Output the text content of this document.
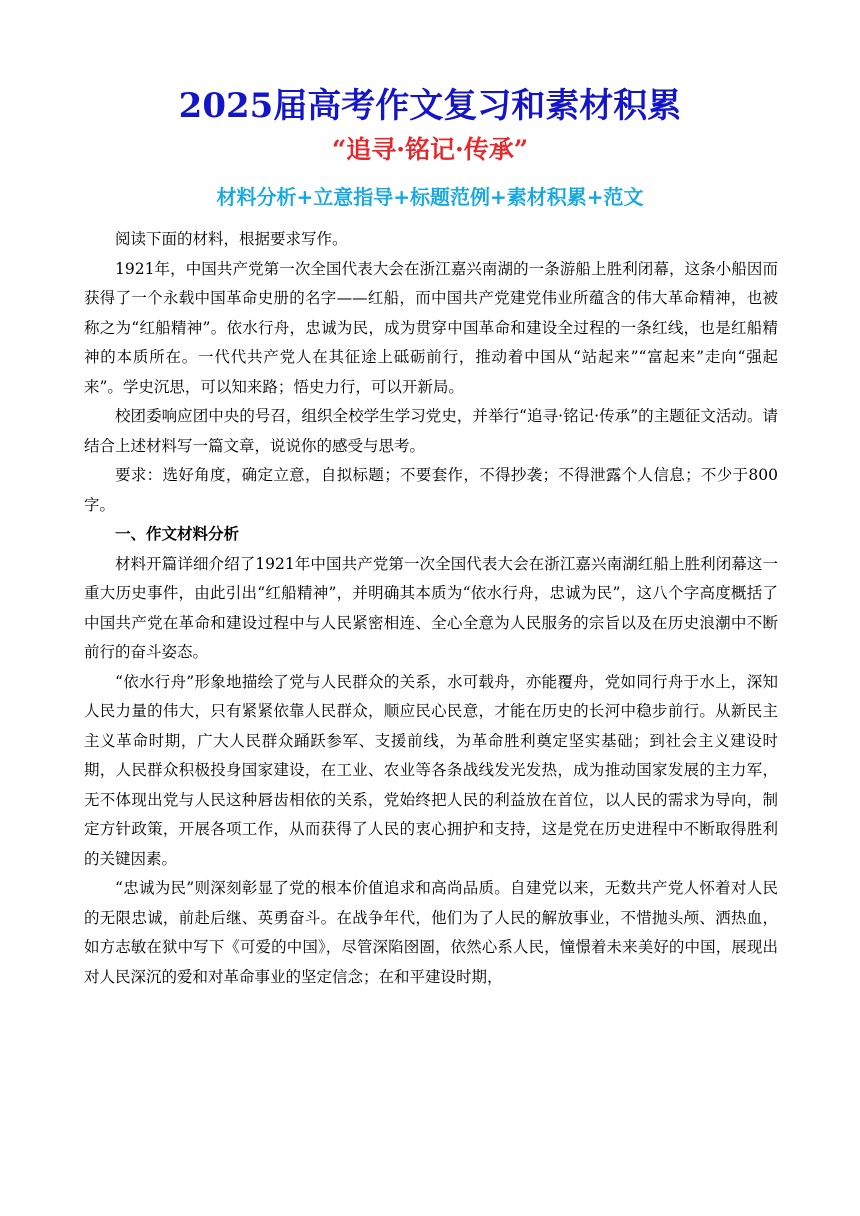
2025届高考作文复习和素材积累
“追寻·铭记·传承”
材料分析+立意指导+标题范例+素材积累+范文

阅读下面的材料，根据要求写作。

1921年，中国共产党第一次全国代表大会在浙江嘉兴南湖的一条游船上胜利闭幕，这条小船因而获得了一个永载中国革命史册的名字——红船，而中国共产党建党伟业所蕴含的伟大革命精神，也被称之为“红船精神”。依水行舟，忠诚为民，成为贯穿中国革命和建设全过程的一条红线，也是红船精神的本质所在。一代代共产党人在其征途上砥砺前行，推动着中国从“站起来”“富起来”走向“强起来”。学史沉思，可以知来路；悟史力行，可以开新局。

校团委响应团中央的号召，组织全校学生学习党史，并举行“追寻·铭记·传承”的主题征文活动。请结合上述材料写一篇文章，说说你的感受与思考。

要求：选好角度，确定立意，自拟标题；不要套作，不得抄袭；不得泄露个人信息；不少于800字。

一、作文材料分析

材料开篇详细介绍了1921年中国共产党第一次全国代表大会在浙江嘉兴南湖红船上胜利闭幕这一重大历史事件，由此引出“红船精神”，并明确其本质为“依水行舟，忠诚为民”，这八个字高度概括了中国共产党在革命和建设过程中与人民紧密相连、全心全意为人民服务的宗旨以及在历史浪潮中不断前行的奋斗姿态。

“依水行舟”形象地描绘了党与人民群众的关系，水可载舟，亦能覆舟，党如同行舟于水上，深知人民力量的伟大，只有紧紧依靠人民群众，顺应民心民意，才能在历史的长河中稳步前行。从新民主主义革命时期，广大人民群众踊跃参军、支援前线，为革命胜利奠定坚实基础；到社会主义建设时期，人民群众积极投身国家建设，在工业、农业等各条战线发光发热，成为推动国家发展的主力军，无不体现出党与人民这种唇齿相依的关系，党始终把人民的利益放在首位，以人民的需求为导向，制定方针政策，开展各项工作，从而获得了人民的衷心拥护和支持，这是党在历史进程中不断取得胜利的关键因素。

“忠诚为民”则深刻彰显了党的根本价值追求和高尚品质。自建党以来，无数共产党人怀着对人民的无限忠诚，前赴后继、英勇奋斗。在战争年代，他们为了人民的解放事业，不惜抛头颅、洒热血，如方志敏在狱中写下《可爱的中国》，尽管深陷囹圄，依然心系人民，憧憬着未来美好的中国，展现出对人民深沉的爱和对革命事业的坚定信念；在和平建设时期，
